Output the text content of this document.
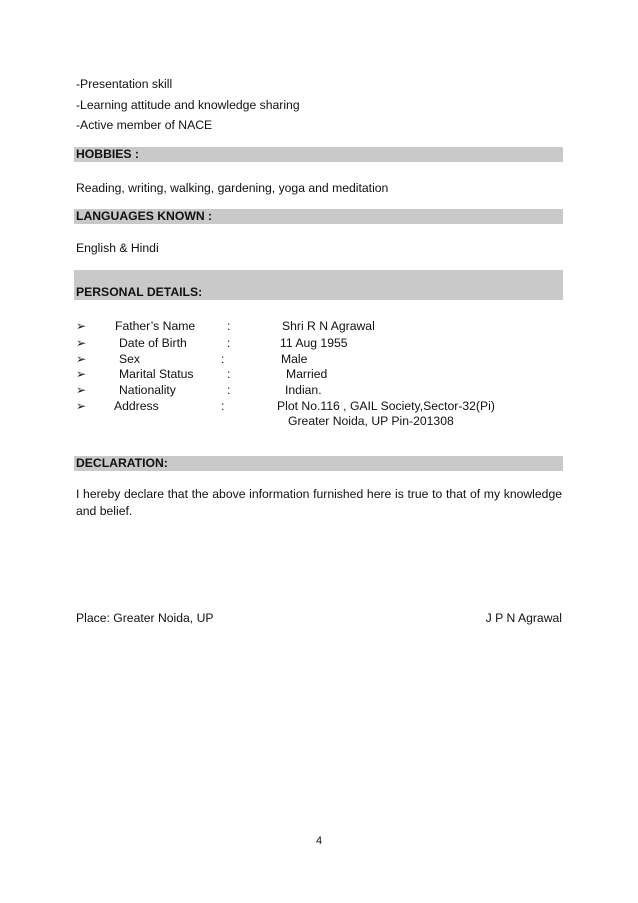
-Presentation skill
-Learning attitude and knowledge sharing
-Active member of NACE
HOBBIES :
Reading, writing, walking, gardening, yoga and meditation
LANGUAGES KNOWN :
English & Hindi
PERSONAL DETAILS:
➢ Father’s Name	:	Shri R N Agrawal
➢	Date of Birth	:	11 Aug 1955
➢	Sex	:	Male
➢	Marital Status	:	Married
➢	Nationality	:	Indian.
➢ Address	:	Plot No.116 , GAIL Society,Sector-32(Pi)
Greater Noida, UP Pin-201308
DECLARATION:
I hereby declare that the above information furnished here is true to that of my knowledge and belief.
Place: Greater Noida, UP	J P N Agrawal
4
